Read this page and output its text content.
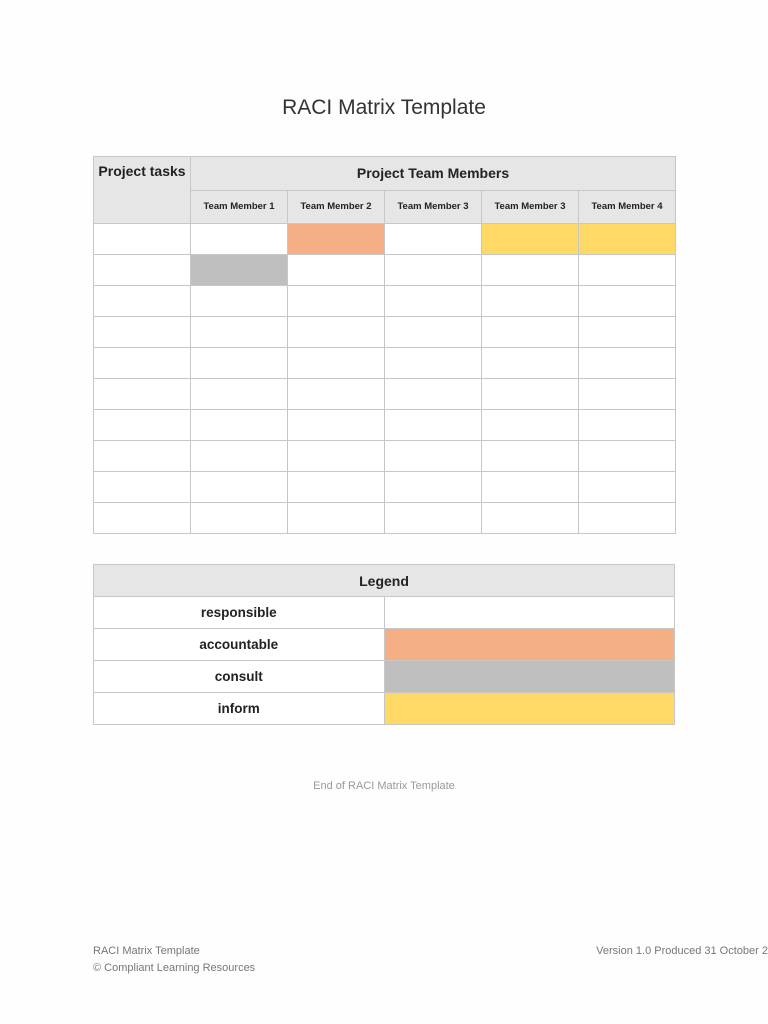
RACI Matrix Template
Project tasks	Project Team Members				
	Team Member 1	Team Member 2	Team Member 3	Team Member 3	Team Member 4

Legend	
responsible	
accountable	
consult	
inform	
End of RACI Matrix Template
RACI Matrix Template
© Compliant Learning Resources
Version 1.0 Produced 31 October 2
